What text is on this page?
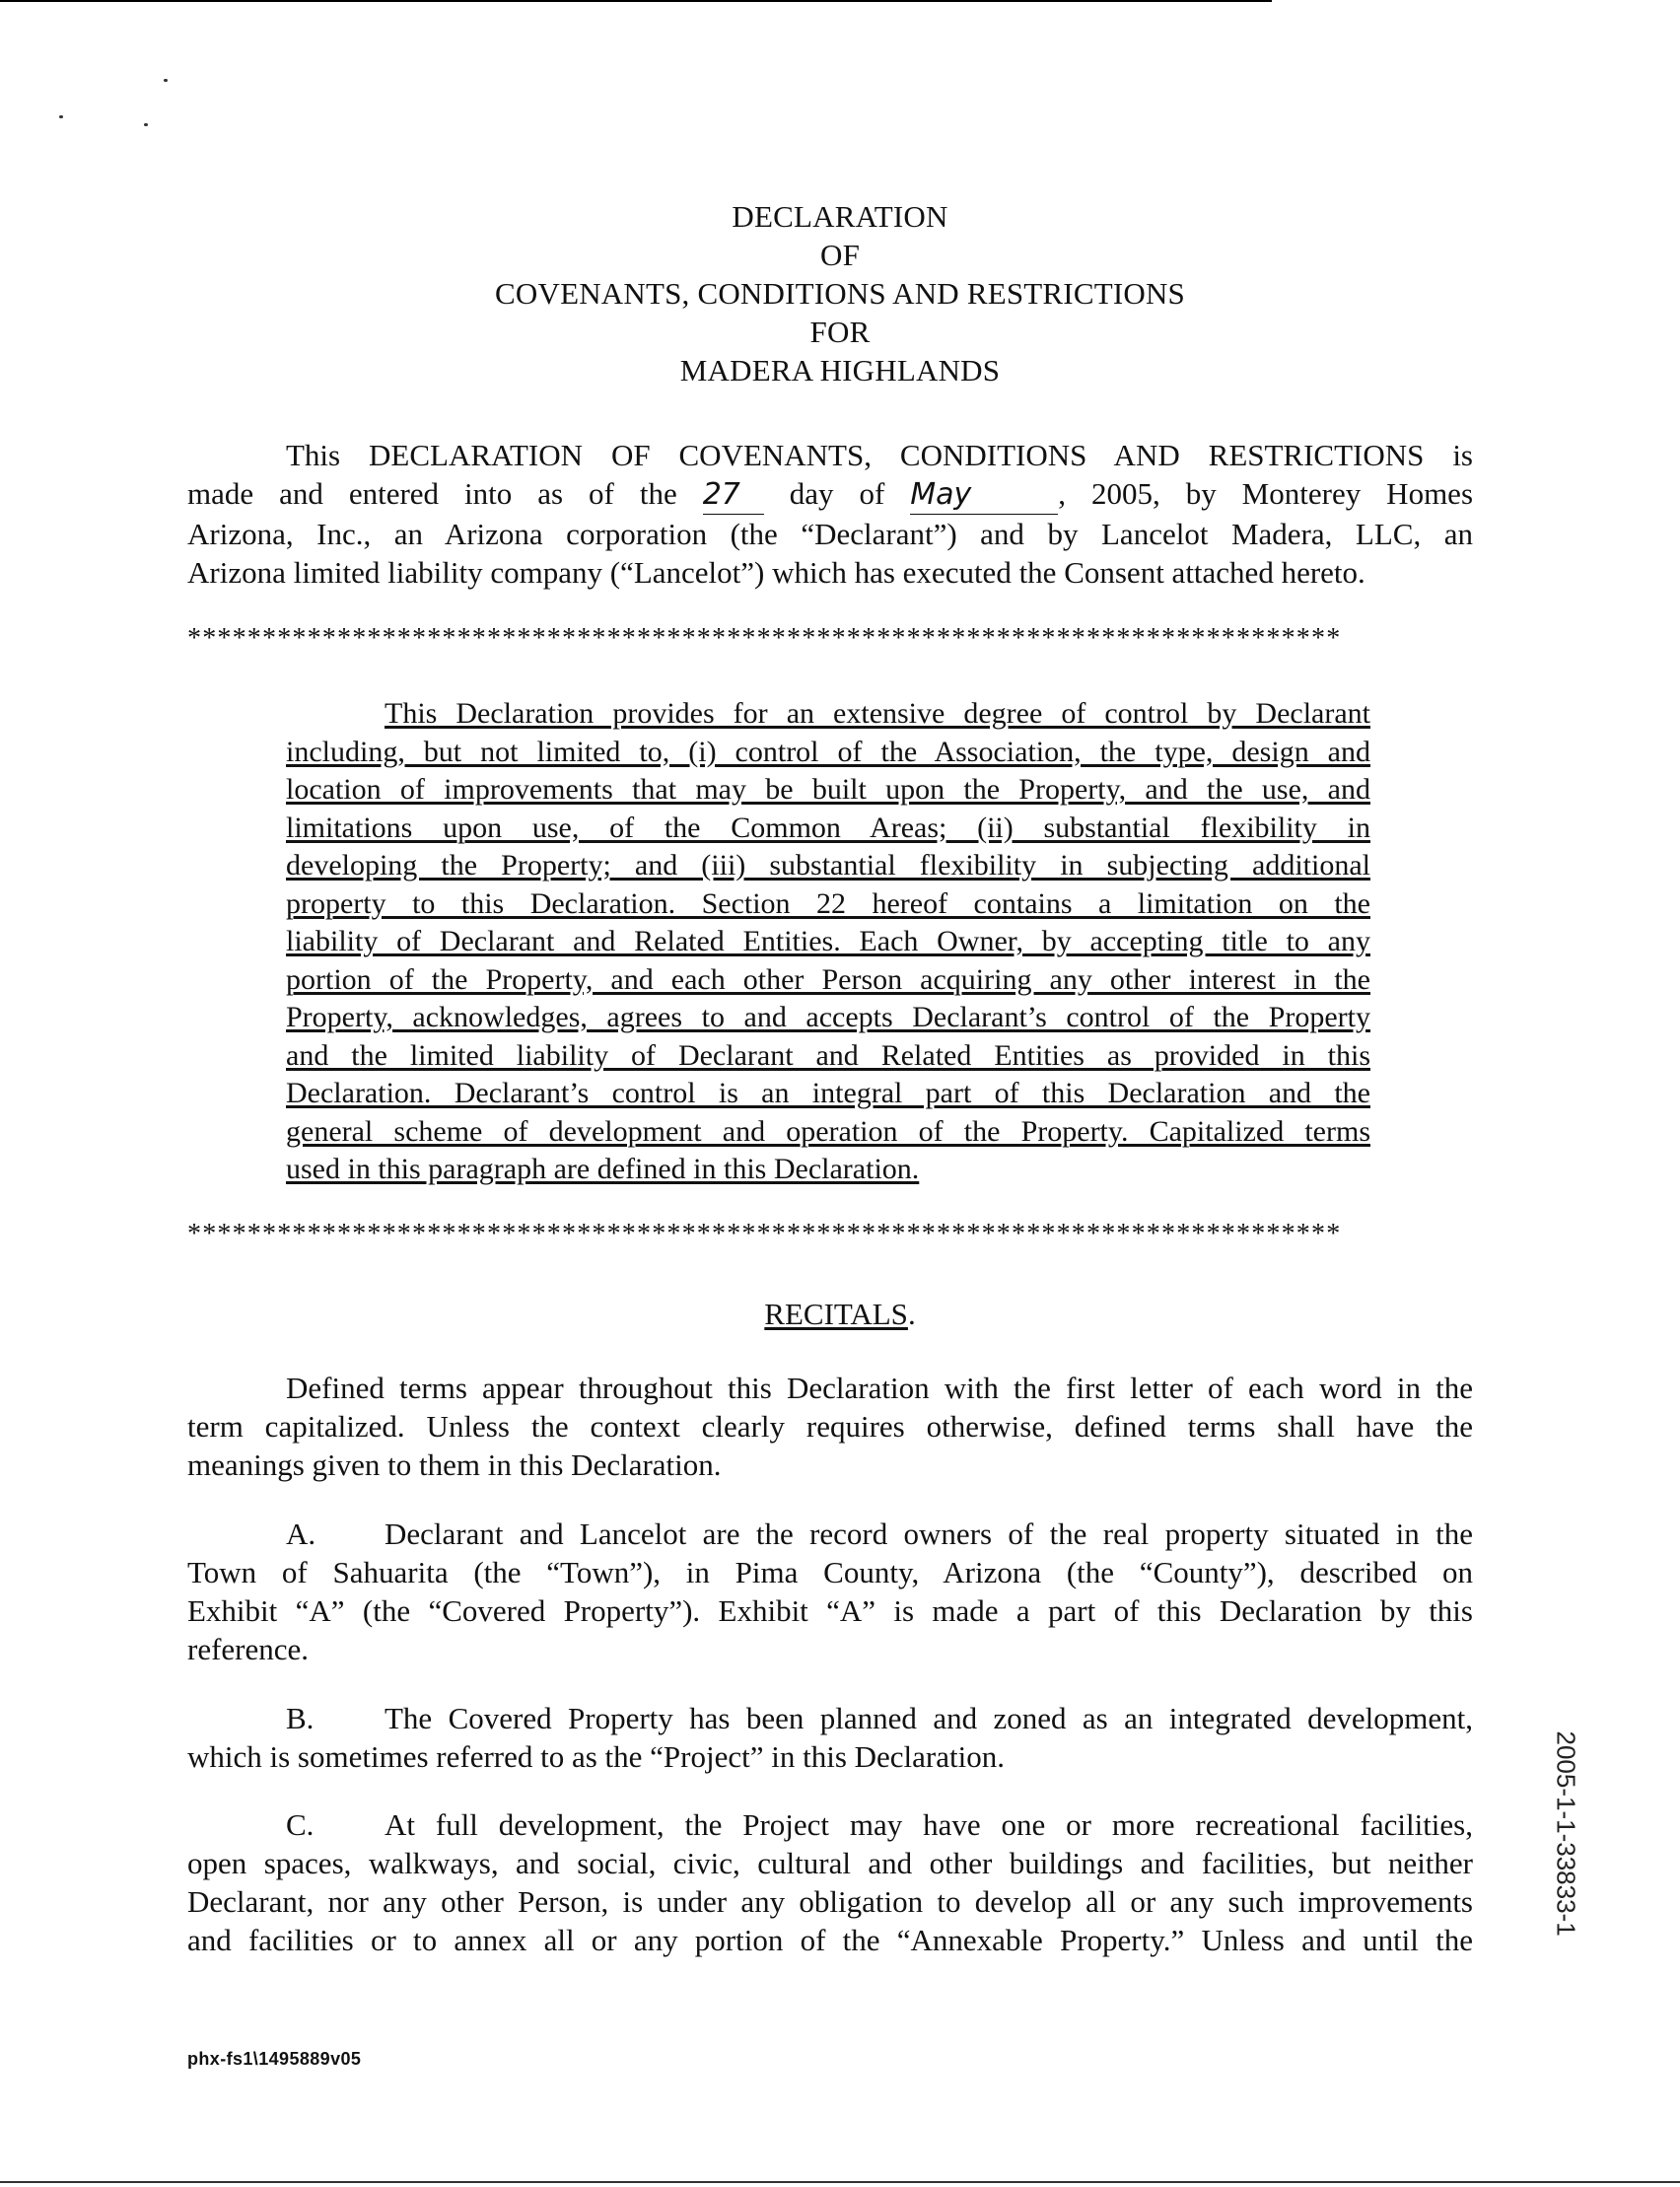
DECLARATION
OF
COVENANTS, CONDITIONS AND RESTRICTIONS
FOR
MADERA HIGHLANDS
This DECLARATION OF COVENANTS, CONDITIONS AND RESTRICTIONS is
made and entered into as of the 27 day of May	, 2005, by Monterey Homes
Arizona, Inc., an Arizona corporation (the “Declarant”) and by Lancelot Madera, LLC, an
Arizona limited liability company (“Lancelot”) which has executed the Consent attached hereto.
*****************************************************************************
This Declaration provides for an extensive degree of control by Declarant
including, but not limited to, (i) control of the Association, the type, design and
location of improvements that may be built upon the Property, and the use, and
limitations upon use, of the Common Areas; (ii) substantial flexibility in
developing the Property; and (iii) substantial flexibility in subjecting additional
property to this Declaration. Section 22 hereof contains a limitation on the
liability of Declarant and Related Entities. Each Owner, by accepting title to any
portion of the Property, and each other Person acquiring any other interest in the
Property, acknowledges, agrees to and accepts Declarant’s control of the Property
and the limited liability of Declarant and Related Entities as provided in this
Declaration. Declarant’s control is an integral part of this Declaration and the
general scheme of development and operation of the Property. Capitalized terms
used in this paragraph are defined in this Declaration.
*****************************************************************************
RECITALS.
Defined terms appear throughout this Declaration with the first letter of each word in the
term capitalized. Unless the context clearly requires otherwise, defined terms shall have the
meanings given to them in this Declaration.
A. Declarant and Lancelot are the record owners of the real property situated in the
Town of Sahuarita (the “Town”), in Pima County, Arizona (the “County”), described on
Exhibit “A” (the “Covered Property”). Exhibit “A” is made a part of this Declaration by this
reference.
B. The Covered Property has been planned and zoned as an integrated development,
which is sometimes referred to as the “Project” in this Declaration.
C. At full development, the Project may have one or more recreational facilities,
open spaces, walkways, and social, civic, cultural and other buildings and facilities, but neither
Declarant, nor any other Person, is under any obligation to develop all or any such improvements
and facilities or to annex all or any portion of the “Annexable Property.” Unless and until the
phx-fs1\1495889v05
2005-1-1-33833-1
